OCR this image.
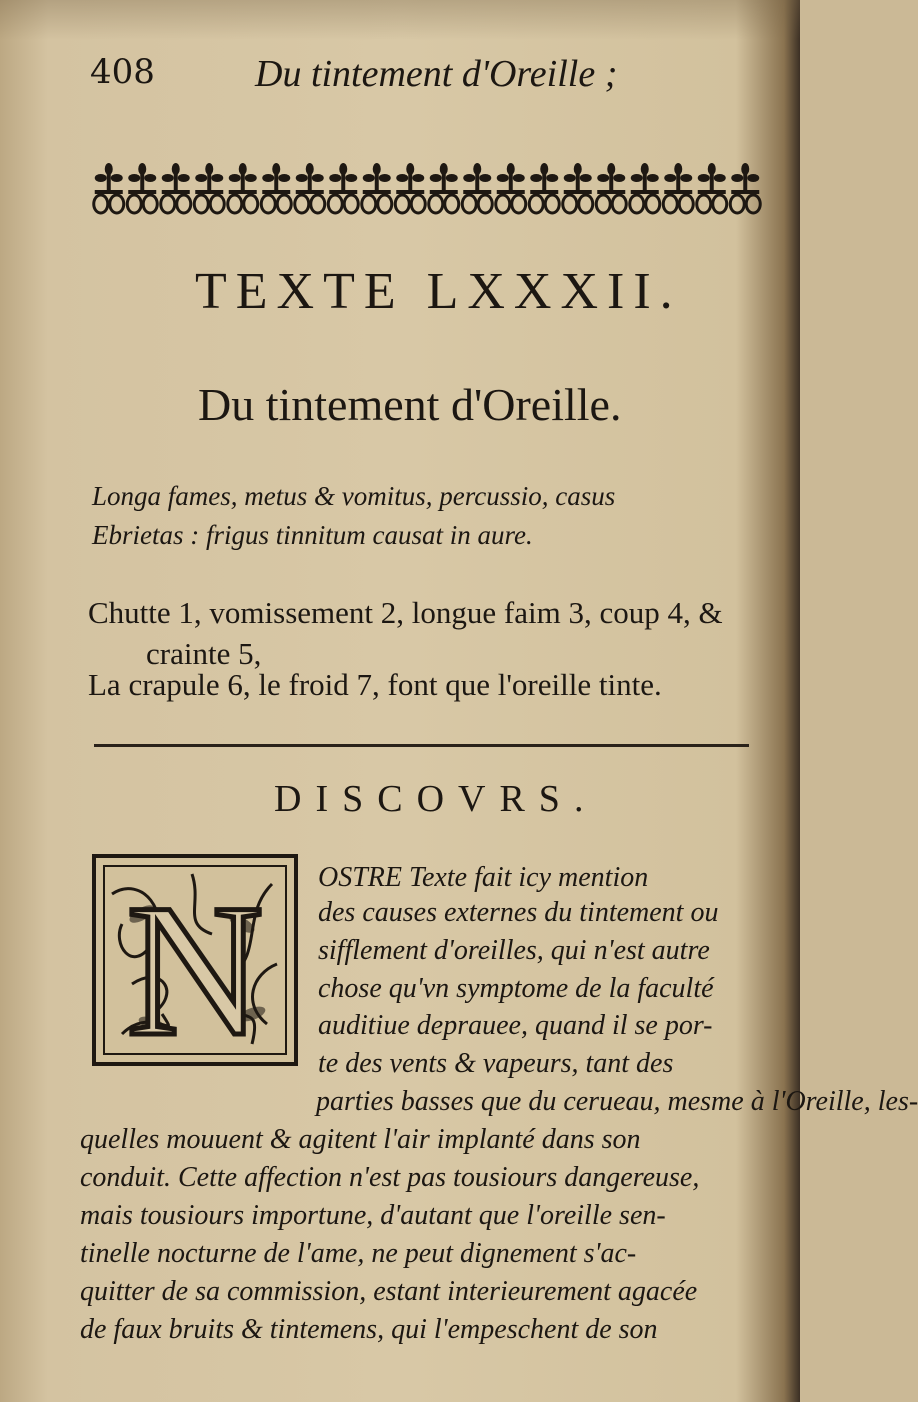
408	Du tintement d'Oreille ;
TEXTE LXXXII.
Du tintement d'Oreille.
Longa fames, metus & vomitus, percussio, casus
Ebrietas : frigus tinnitum causat in aure.
Chutte 1, vomissement 2, longue faim 3, coup 4, &
crainte 5,
La crapule 6, le froid 7, font que l'oreille tinte.
DISCOVRS.
N OSTRE Texte fait icy mention
des causes externes du tintement ou
sifflement d'oreilles, qui n'est autre
chose qu'vn symptome de la faculté
auditiue deprauee, quand il se por-
te des vents & vapeurs, tant des
parties basses que du cerueau, mesme à l'Oreille, les-
quelles mouuent & agitent l'air implanté dans son
conduit. Cette affection n'est pas tousiours dangereuse,
mais tousiours importune, d'autant que l'oreille sen-
tinelle nocturne de l'ame, ne peut dignement s'ac-
quitter de sa commission, estant interieurement agacée
de faux bruits & tintemens, qui l'empeschent de son
